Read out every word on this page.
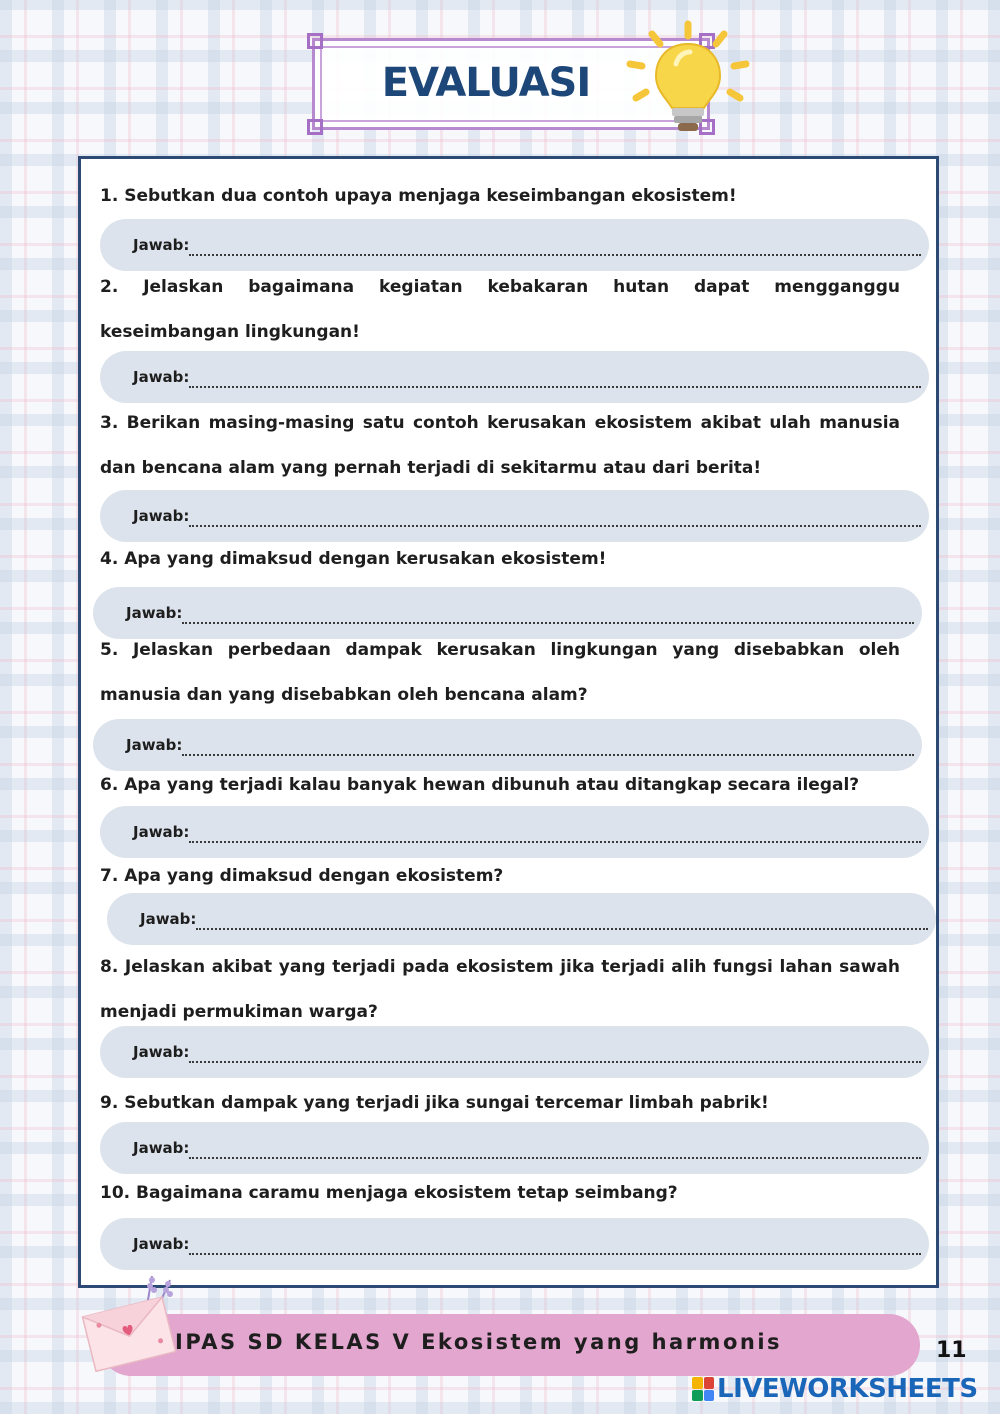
EVALUASI
1. Sebutkan dua contoh upaya menjaga keseimbangan ekosistem!
Jawab:
2. Jelaskan bagaimana kegiatan kebakaran hutan dapat mengganggu keseimbangan lingkungan!
Jawab:
3. Berikan masing-masing satu contoh kerusakan ekosistem akibat ulah manusia dan bencana alam yang pernah terjadi di sekitarmu atau dari berita!
Jawab:
4. Apa yang dimaksud dengan kerusakan ekosistem!
Jawab:
5. Jelaskan perbedaan dampak kerusakan lingkungan yang disebabkan oleh manusia dan yang disebabkan oleh bencana alam?
Jawab:
6. Apa yang terjadi kalau banyak hewan dibunuh atau ditangkap secara ilegal?
Jawab:
7. Apa yang dimaksud dengan ekosistem?
Jawab:
8. Jelaskan akibat yang terjadi pada ekosistem jika terjadi alih fungsi lahan sawah menjadi permukiman warga?
Jawab:
9. Sebutkan dampak yang terjadi jika sungai tercemar limbah pabrik!
Jawab:
10. Bagaimana caramu menjaga ekosistem tetap seimbang?
Jawab:
IPAS SD KELAS V Ekosistem yang harmonis	11
LIVEWORKSHEETS
